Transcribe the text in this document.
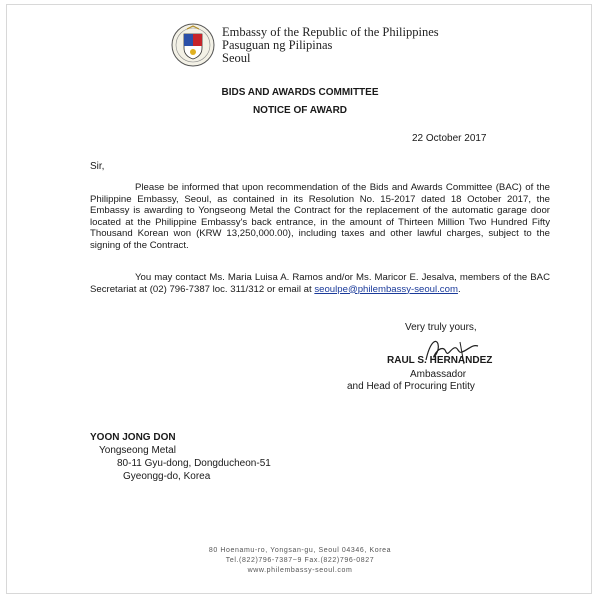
Embassy of the Republic of the Philippines
Pasuguan ng Pilipinas
Seoul
BIDS AND AWARDS COMMITTEE
NOTICE OF AWARD
22 October 2017
Sir,

Please be informed that upon recommendation of the Bids and Awards Committee (BAC) of the Philippine Embassy, Seoul, as contained in its Resolution No. 15-2017 dated 18 October 2017, the Embassy is awarding to Yongseong Metal the Contract for the replacement of the automatic garage door located at the Philippine Embassy's back entrance, in the amount of Thirteen Million Two Hundred Fifty Thousand Korean won (KRW 13,250,000.00), including taxes and other lawful charges, subject to the signing of the Contract.

You may contact Ms. Maria Luisa A. Ramos and/or Ms. Maricor E. Jesalva, members of the BAC Secretariat at (02) 796-7387 loc. 311/312 or email at seoulpe@philembassy-seoul.com.

Very truly yours,
RAUL S. HERNANDEZ
Ambassador
and Head of Procuring Entity
YOON JONG DON
Yongseong Metal
80-11 Gyu-dong, Dongducheon-51
Gyeongg-do, Korea
80 Hoenamu-ro, Yongsan-gu, Seoul 04346, Korea
Tel.(822)796-7387~9 Fax.(822)796-0827
www.philembassy-seoul.com
